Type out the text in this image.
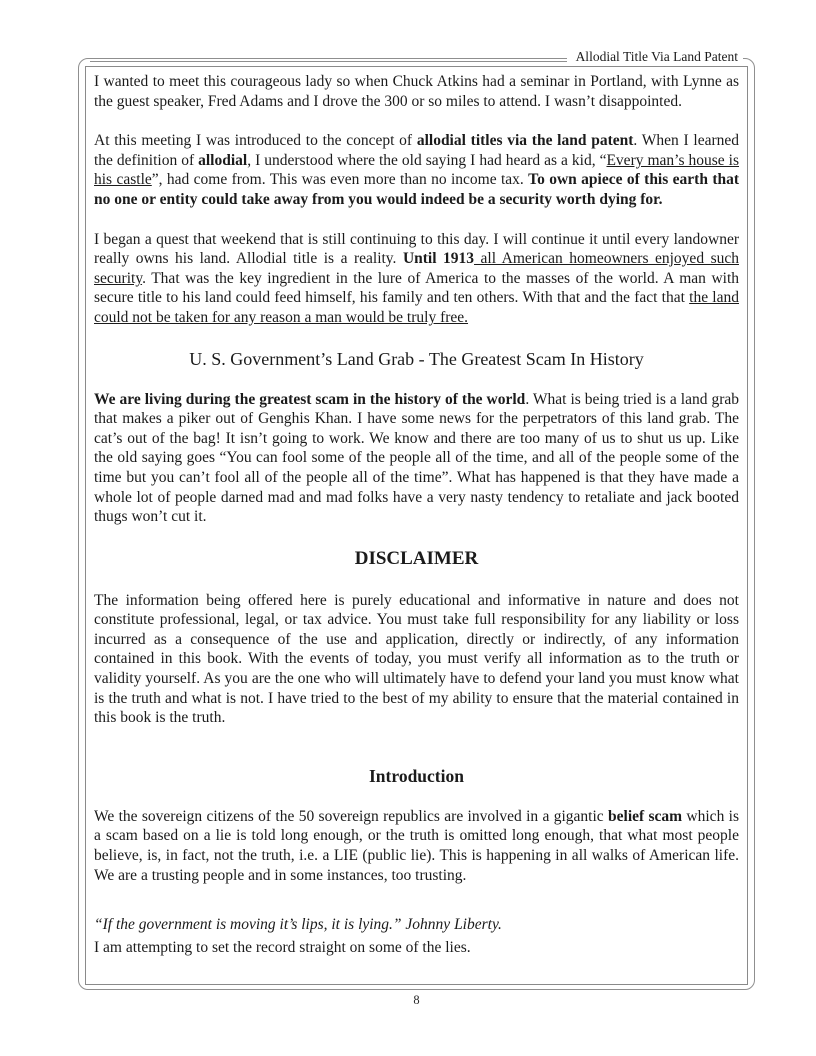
Allodial Title Via Land Patent

I wanted to meet this courageous lady so when Chuck Atkins had a seminar in Portland, with Lynne as the guest speaker, Fred Adams and I drove the 300 or so miles to attend. I wasn’t disappointed.

At this meeting I was introduced to the concept of allodial titles via the land patent. When I learned the definition of allodial, I understood where the old saying I had heard as a kid, “Every man’s house is his castle”, had come from. This was even more than no income tax. To own apiece of this earth that no one or entity could take away from you would indeed be a security worth dying for.

I began a quest that weekend that is still continuing to this day. I will continue it until every landowner really owns his land. Allodial title is a reality. Until 1913 all American homeowners enjoyed such security. That was the key ingredient in the lure of America to the masses of the world. A man with secure title to his land could feed himself, his family and ten others. With that and the fact that the land could not be taken for any reason a man would be truly free.

U. S. Government’s Land Grab - The Greatest Scam In History

We are living during the greatest scam in the history of the world. What is being tried is a land grab that makes a piker out of Genghis Khan. I have some news for the perpetrators of this land grab. The cat’s out of the bag! It isn’t going to work. We know and there are too many of us to shut us up. Like the old saying goes “You can fool some of the people all of the time, and all of the people some of the time but you can’t fool all of the people all of the time”. What has happened is that they have made a whole lot of people darned mad and mad folks have a very nasty tendency to retaliate and jack booted thugs won’t cut it.

DISCLAIMER

The information being offered here is purely educational and informative in nature and does not constitute professional, legal, or tax advice. You must take full responsibility for any liability or loss incurred as a consequence of the use and application, directly or indirectly, of any information contained in this book. With the events of today, you must verify all information as to the truth or validity yourself. As you are the one who will ultimately have to defend your land you must know what is the truth and what is not. I have tried to the best of my ability to ensure that the material contained in this book is the truth.

Introduction

We the sovereign citizens of the 50 sovereign republics are involved in a gigantic belief scam which is a scam based on a lie is told long enough, or the truth is omitted long enough, that what most people believe, is, in fact, not the truth, i.e. a LIE (public lie). This is happening in all walks of American life. We are a trusting people and in some instances, too trusting.

“If the government is moving it’s lips, it is lying.” Johnny Liberty.

I am attempting to set the record straight on some of the lies.

8
